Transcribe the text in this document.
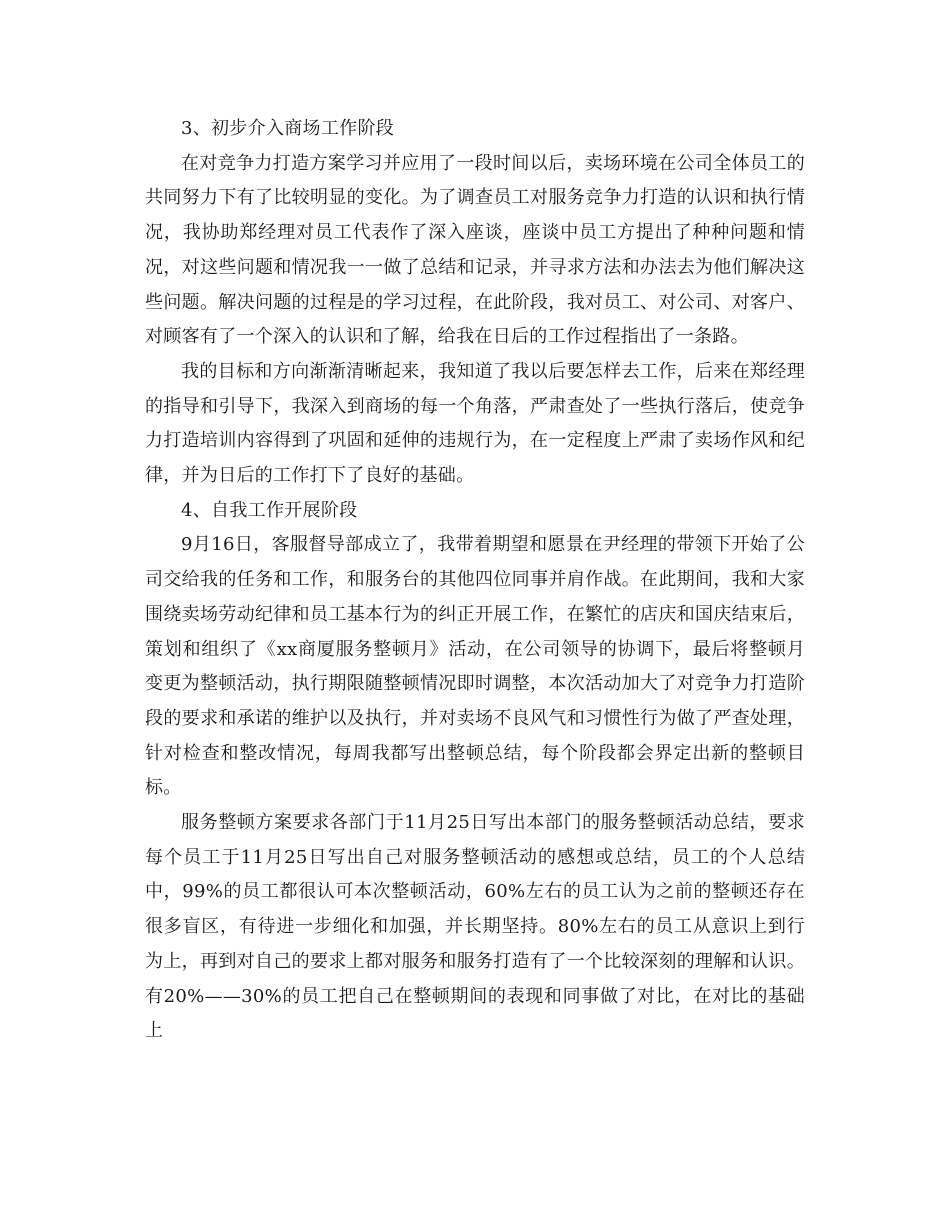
3、初步介入商场工作阶段

在对竞争力打造方案学习并应用了一段时间以后，卖场环境在公司全体员工的共同努力下有了比较明显的变化。为了调查员工对服务竞争力打造的认识和执行情况，我协助郑经理对员工代表作了深入座谈，座谈中员工方提出了种种问题和情况，对这些问题和情况我一一做了总结和记录，并寻求方法和办法去为他们解决这些问题。解决问题的过程是的学习过程，在此阶段，我对员工、对公司、对客户、对顾客有了一个深入的认识和了解，给我在日后的工作过程指出了一条路。

我的目标和方向渐渐清晰起来，我知道了我以后要怎样去工作，后来在郑经理的指导和引导下，我深入到商场的每一个角落，严肃查处了一些执行落后，使竞争力打造培训内容得到了巩固和延伸的违规行为，在一定程度上严肃了卖场作风和纪律，并为日后的工作打下了良好的基础。

4、自我工作开展阶段

9月16日，客服督导部成立了，我带着期望和愿景在尹经理的带领下开始了公司交给我的任务和工作，和服务台的其他四位同事并肩作战。在此期间，我和大家围绕卖场劳动纪律和员工基本行为的纠正开展工作，在繁忙的店庆和国庆结束后，策划和组织了《xx商厦服务整顿月》活动，在公司领导的协调下，最后将整顿月变更为整顿活动，执行期限随整顿情况即时调整，本次活动加大了对竞争力打造阶段的要求和承诺的维护以及执行，并对卖场不良风气和习惯性行为做了严查处理，针对检查和整改情况，每周我都写出整顿总结，每个阶段都会界定出新的整顿目标。

服务整顿方案要求各部门于11月25日写出本部门的服务整顿活动总结，要求每个员工于11月25日写出自己对服务整顿活动的感想或总结，员工的个人总结中，99%的员工都很认可本次整顿活动，60%左右的员工认为之前的整顿还存在很多盲区，有待进一步细化和加强，并长期坚持。80%左右的员工从意识上到行为上，再到对自己的要求上都对服务和服务打造有了一个比较深刻的理解和认识。有20%——30%的员工把自己在整顿期间的表现和同事做了对比，在对比的基础上
